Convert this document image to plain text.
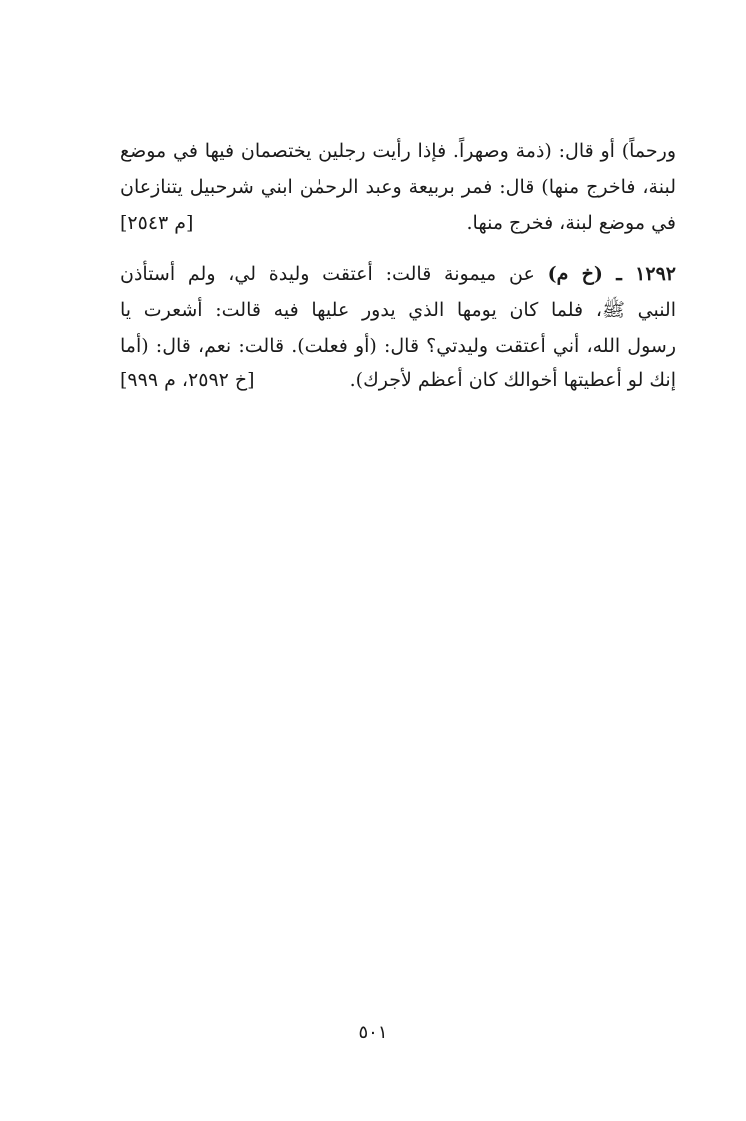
ورحماً) أو قال: (ذمة وصهراً. فإذا رأيت رجلين يختصمان فيها في موضع
لبنة، فاخرج منها) قال: فمر بربيعة وعبد الرحمٰن ابني شرحبيل يتنازعان
في موضع لبنة، فخرج منها.
[م ٢٥٤٣]
١٢٩٢ ـ (خ م) عن ميمونة قالت: أعتقت وليدة لي، ولم أستأذن
النبي ﷺ، فلما كان يومها الذي يدور عليها فيه قالت: أشعرت يا
رسول الله، أني أعتقت وليدتي؟ قال: (أو فعلت). قالت: نعم، قال: (أما
إنك لو أعطيتها أخوالك كان أعظم لأجرك).
[خ ٢٥٩٢، م ٩٩٩]
٥٠١
